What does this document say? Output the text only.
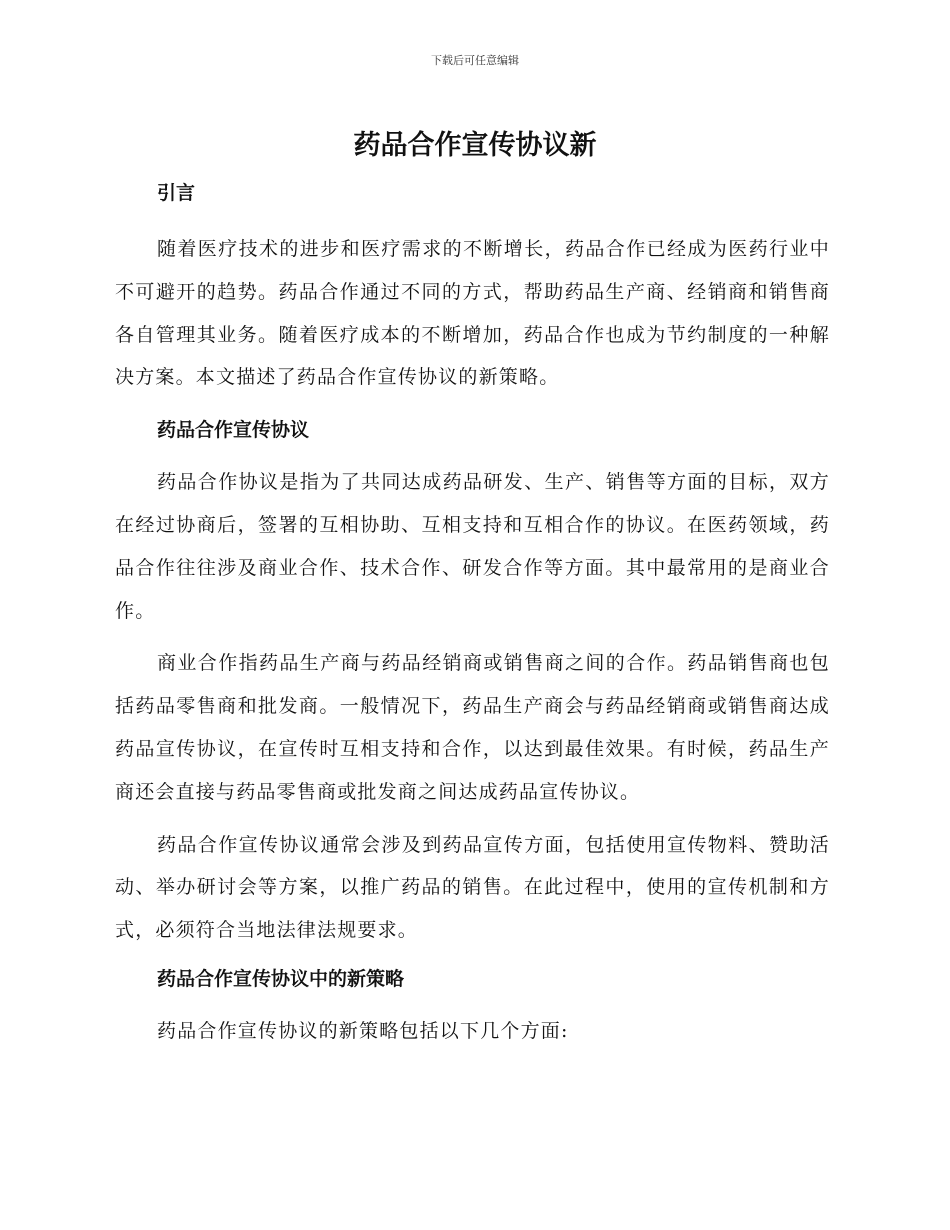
下载后可任意编辑
药品合作宣传协议新
引言

随着医疗技术的进步和医疗需求的不断增长，药品合作已经成为医药行业中不可避开的趋势。药品合作通过不同的方式，帮助药品生产商、经销商和销售商各自管理其业务。随着医疗成本的不断增加，药品合作也成为节约制度的一种解决方案。本文描述了药品合作宣传协议的新策略。

药品合作宣传协议

药品合作协议是指为了共同达成药品研发、生产、销售等方面的目标，双方在经过协商后，签署的互相协助、互相支持和互相合作的协议。在医药领域，药品合作往往涉及商业合作、技术合作、研发合作等方面。其中最常用的是商业合作。

商业合作指药品生产商与药品经销商或销售商之间的合作。药品销售商也包括药品零售商和批发商。一般情况下，药品生产商会与药品经销商或销售商达成药品宣传协议，在宣传时互相支持和合作，以达到最佳效果。有时候，药品生产商还会直接与药品零售商或批发商之间达成药品宣传协议。

药品合作宣传协议通常会涉及到药品宣传方面，包括使用宣传物料、赞助活动、举办研讨会等方案，以推广药品的销售。在此过程中，使用的宣传机制和方式，必须符合当地法律法规要求。

药品合作宣传协议中的新策略

药品合作宣传协议的新策略包括以下几个方面:
